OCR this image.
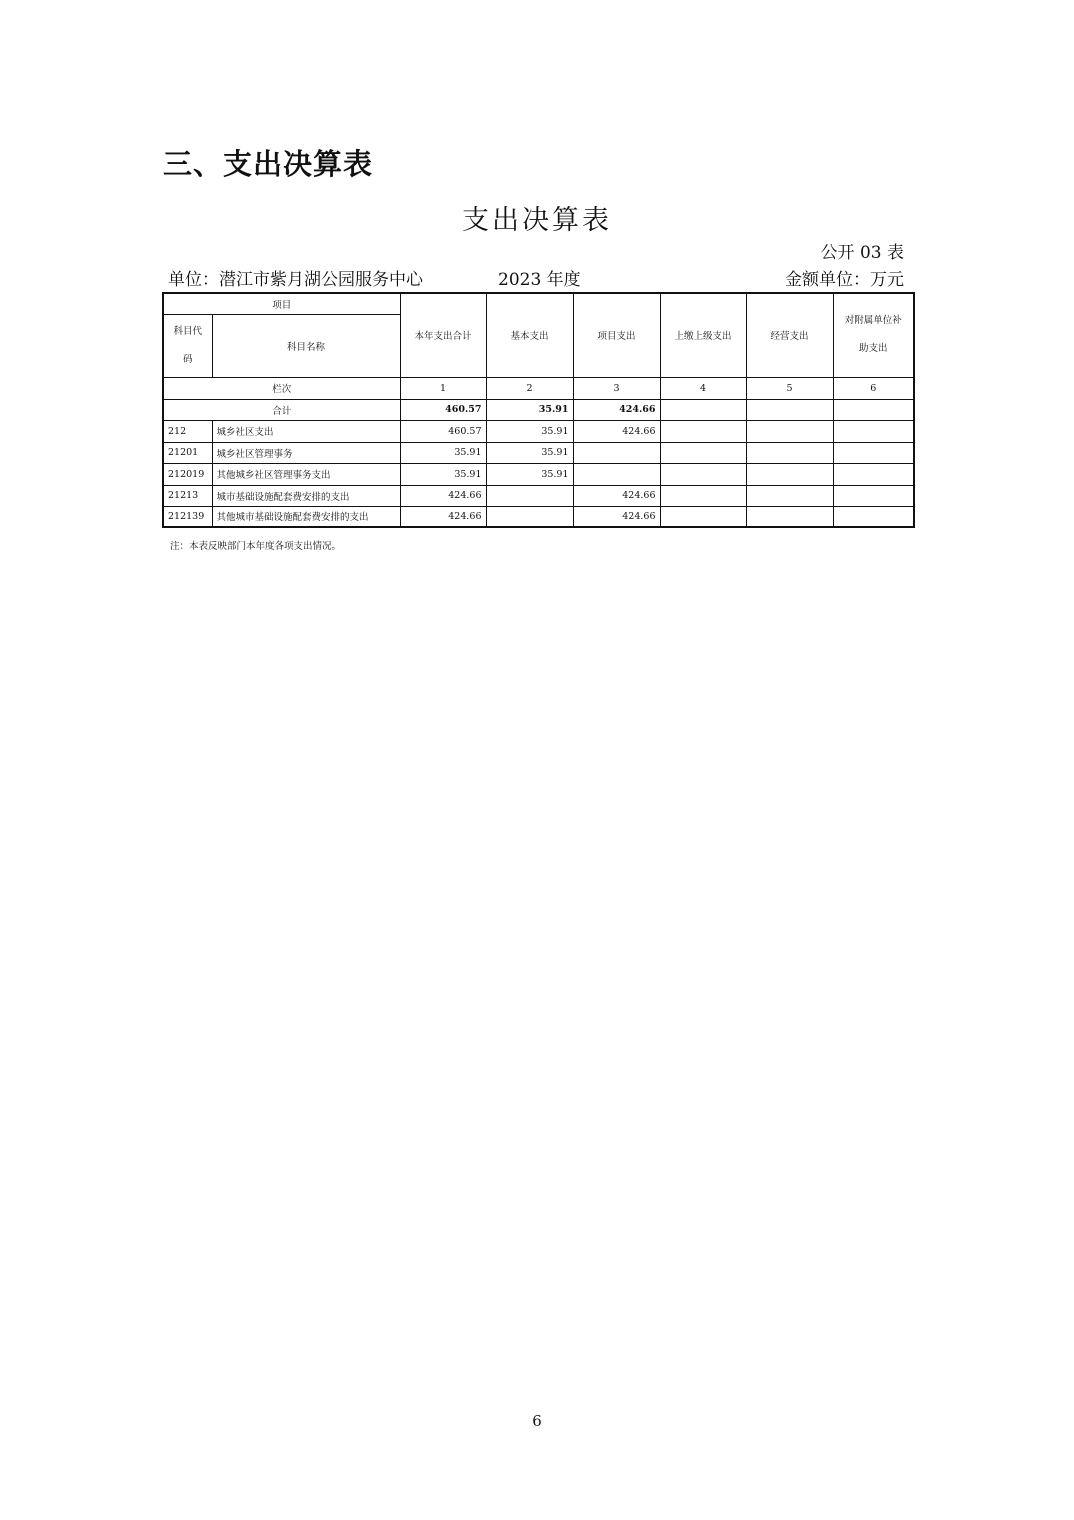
三、支出决算表
支出决算表
公开 03 表
单位：潜江市紫月湖公园服务中心	2023 年度	金额单位：万元
项目		本年支出合计	基本支出	项目支出	上缴上级支出	经营支出	对附属单位补助支出
科目代码	科目名称						
栏次		1	2	3	4	5	6
合计		460.57	35.91	424.66			
212	城乡社区支出	460.57	35.91	424.66			
21201	城乡社区管理事务	35.91	35.91				
212019	其他城乡社区管理事务支出	35.91	35.91				
21213	城市基础设施配套费安排的支出	424.66		424.66			
212139	其他城市基础设施配套费安排的支出	424.66		424.66			
注：本表反映部门本年度各项支出情况。
6
